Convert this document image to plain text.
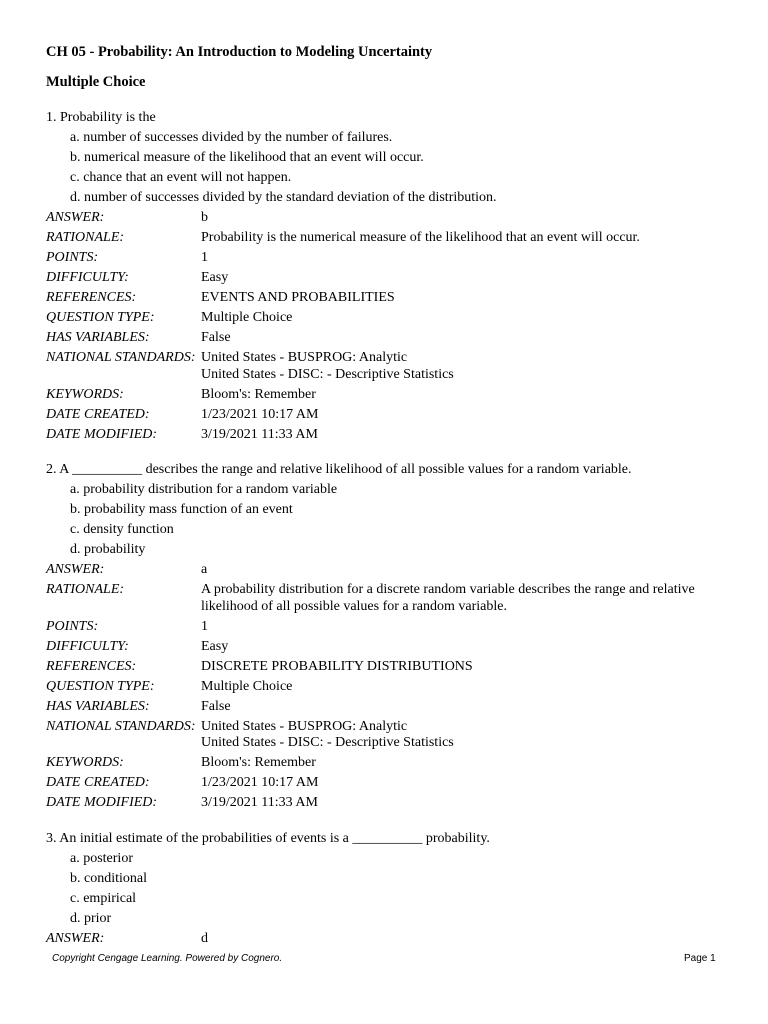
CH 05 - Probability: An Introduction to Modeling Uncertainty
Multiple Choice
1. Probability is the
a. number of successes divided by the number of failures.
b. numerical measure of the likelihood that an event will occur.
c. chance that an event will not happen.
d. number of successes divided by the standard deviation of the distribution.
ANSWER:	b
RATIONALE:	Probability is the numerical measure of the likelihood that an event will occur.
POINTS:	1
DIFFICULTY:	Easy
REFERENCES:	EVENTS AND PROBABILITIES
QUESTION TYPE:	Multiple Choice
HAS VARIABLES:	False
NATIONAL STANDARDS: United States - BUSPROG: Analytic
United States - DISC: - Descriptive Statistics
KEYWORDS:	Bloom's: Remember
DATE CREATED:	1/23/2021 10:17 AM
DATE MODIFIED:	3/19/2021 11:33 AM
2. A __________ describes the range and relative likelihood of all possible values for a random variable.
a. probability distribution for a random variable
b. probability mass function of an event
c. density function
d. probability
ANSWER:	a
RATIONALE:	A probability distribution for a discrete random variable describes the range and relative
likelihood of all possible values for a random variable.
POINTS:	1
DIFFICULTY:	Easy
REFERENCES:	DISCRETE PROBABILITY DISTRIBUTIONS
QUESTION TYPE:	Multiple Choice
HAS VARIABLES:	False
NATIONAL STANDARDS: United States - BUSPROG: Analytic
United States - DISC: - Descriptive Statistics
KEYWORDS:	Bloom's: Remember
DATE CREATED:	1/23/2021 10:17 AM
DATE MODIFIED:	3/19/2021 11:33 AM
3. An initial estimate of the probabilities of events is a __________ probability.
a. posterior
b. conditional
c. empirical
d. prior
ANSWER:	d
Copyright Cengage Learning. Powered by Cognero.	Page 1
